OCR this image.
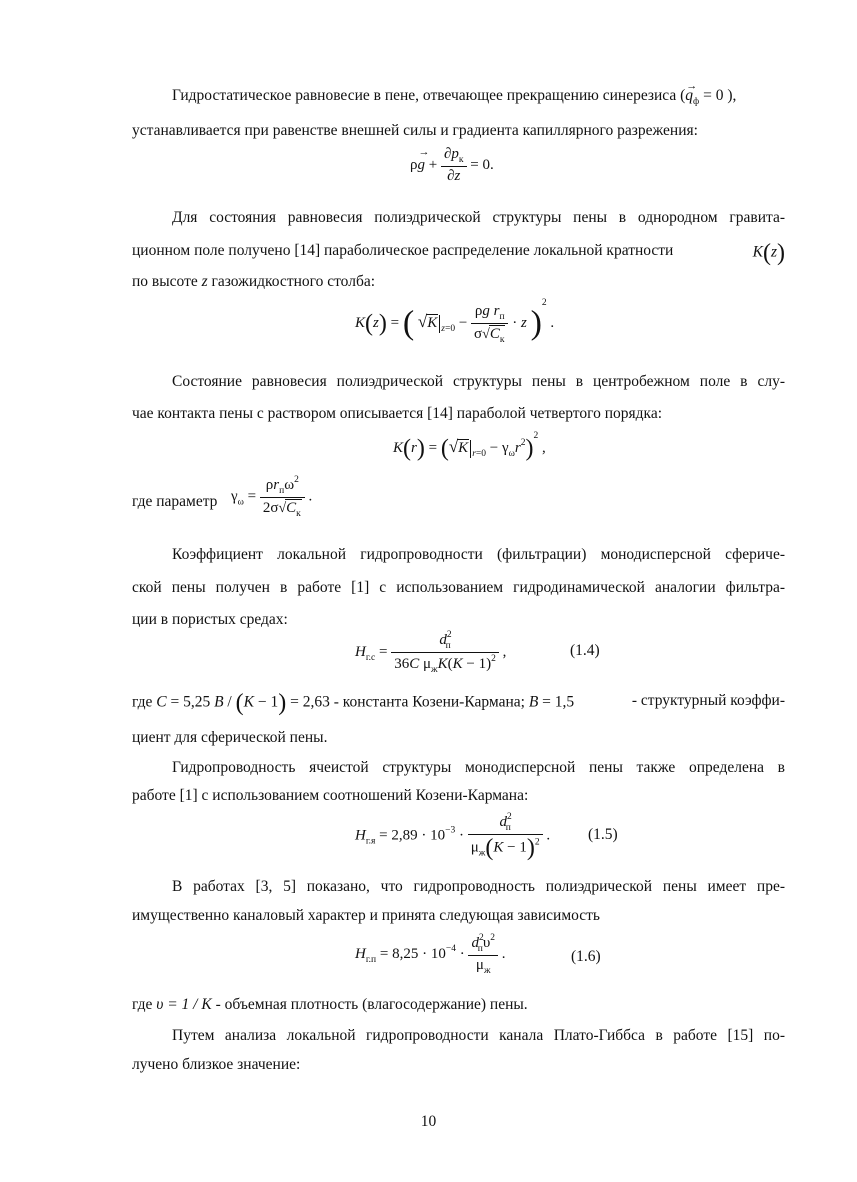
Гидростатическое равновесие в пене, отвечающее прекращению синерезиса (
→
$q_ф = 0$ ),
устанавливается при равенстве внешней силы и градиента капиллярного разрежения:
ρ
→
$g + \frac{\partial p_к}{\partial z} = 0$.
Для состояния равновесия полиэдрической структуры пены в однородном гравита-
ционном поле получено [14] параболическое распределение локальной кратности	K(z)
по высоте z газожидкостного столба:
K(z) = ( √K $_{z=0} - \frac{\rho g r_п}{\sigma√C_к} \cdot z$ )$^2$ .
Состояние равновесия полиэдрической структуры пены в центробежном поле в слу-
чае контакта пены с раствором описывается [14] параболой четвертого порядка:
K(r) = (√K $_{r=0} - \gamma_\omega r^2)^2$ ,
где параметр $\gamma_\omega = \frac{\rho r_п\omega^2}{2\sigma√C_к}$ .
Коэффициент локальной гидропроводности (фильтрации) монодисперсной сфериче-
ской пены получен в работе [1] с использованием гидродинамической аналогии фильтра-
ции в пористых средах:
$H_{г.с} = \frac{d^2_п}{36C \mu_жK(K - 1)^2}$ ,	(1.4)
где C = 5,25 B / (K − 1) = 2,63 - константа Козени-Кармана; B = 1,5	- структурный коэффи-
циент для сферической пены.
Гидропроводность ячеистой структуры монодисперсной пены также определена в
работе [1] с использованием соотношений Козени-Кармана:
$H_{г.я} = 2,89 \cdot 10^{-3} \cdot \frac{d^2_п}{\mu_ж(K - 1)^2}$ . (1.5)
В работах [3, 5] показано, что гидропроводность полиэдрической пены имеет пре-
имущественно каналовый характер и принята следующая зависимость
$H_{г.п} = 8,25 \cdot 10^{-4} \cdot \frac{d^2_п\upsilon^2}{\mu_ж}$ .	(1.6)
где υ = 1 / K - объемная плотность (влагосодержание) пены.
Путем анализа локальной гидропроводности канала Плато-Гиббса в работе [15] по-
лучено близкое значение:
10
